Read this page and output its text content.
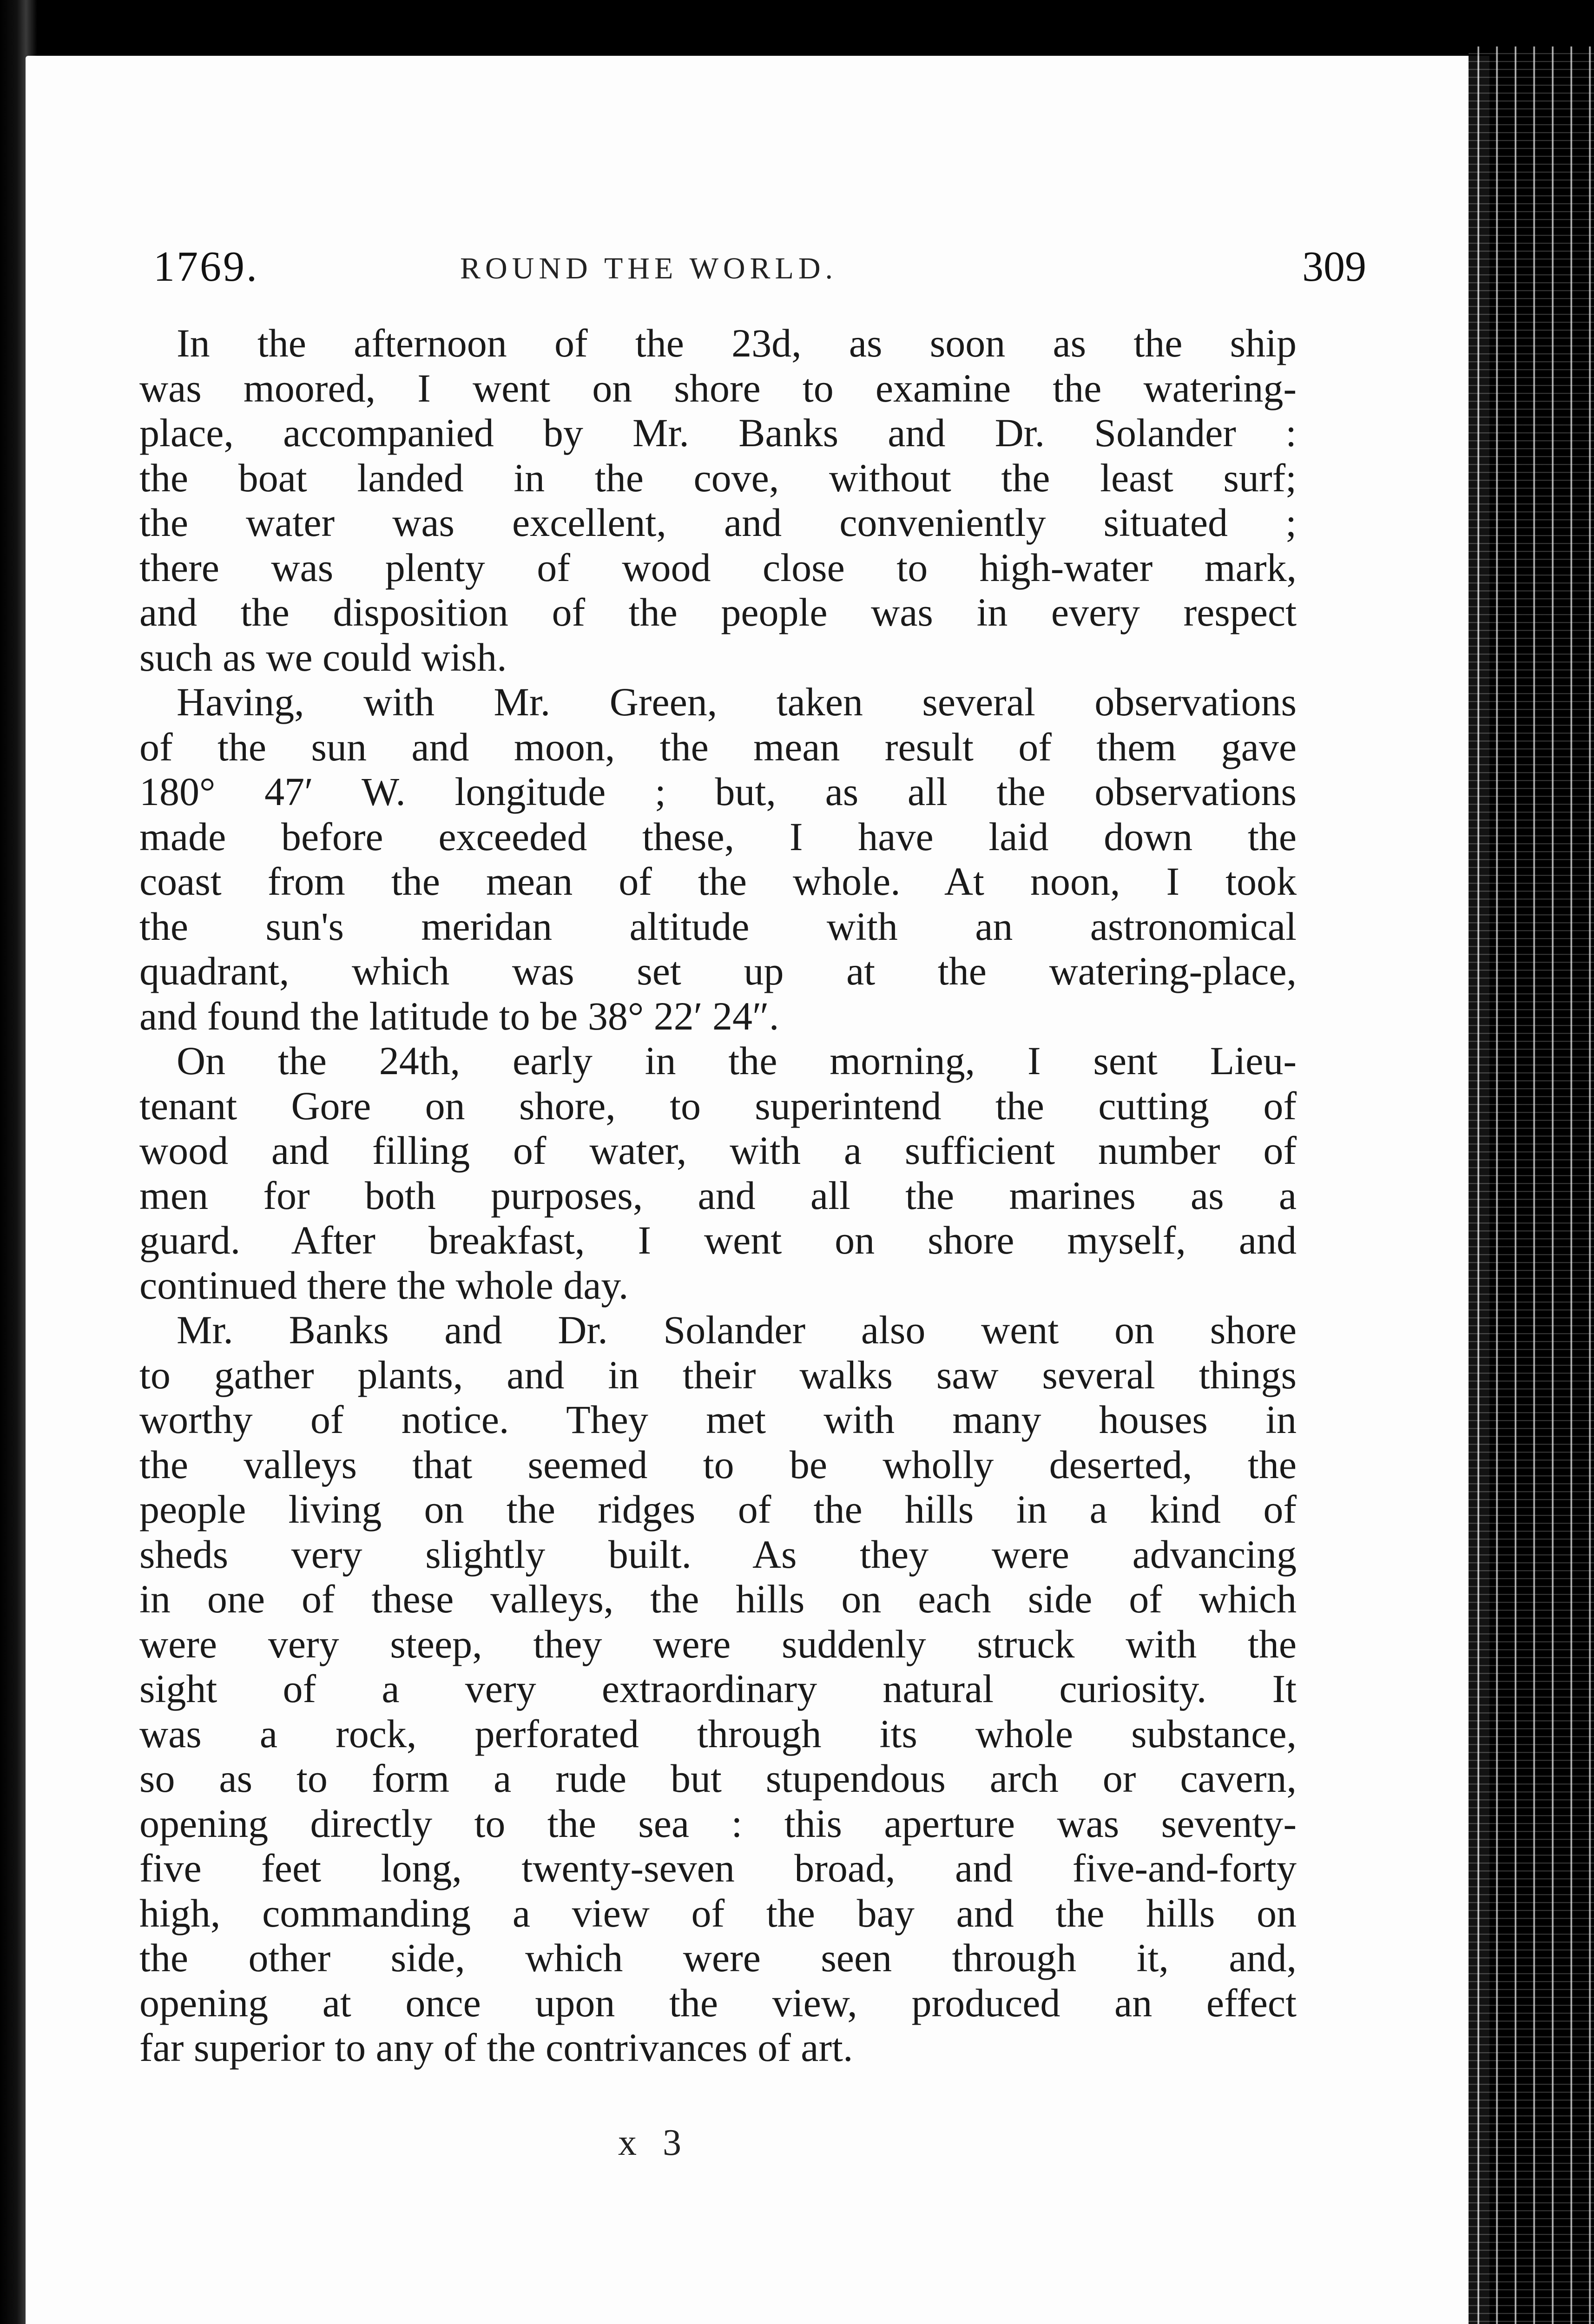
1769.	ROUND THE WORLD.	309
In the afternoon of the 23d, as soon as the ship
was moored, I went on shore to examine the watering-
place, accompanied by Mr. Banks and Dr. Solander :
the boat landed in the cove, without the least surf;
the water was excellent, and conveniently situated ;
there was plenty of wood close to high-water mark,
and the disposition of the people was in every respect
such as we could wish.
Having, with Mr. Green, taken several observations
of the sun and moon, the mean result of them gave
180° 47′ W. longitude ; but, as all the observations
made before exceeded these, I have laid down the
coast from the mean of the whole. At noon, I took
the sun's meridan altitude with an astronomical
quadrant, which was set up at the watering-place,
and found the latitude to be 38° 22′ 24″.
On the 24th, early in the morning, I sent Lieu-
tenant Gore on shore, to superintend the cutting of
wood and filling of water, with a sufficient number of
men for both purposes, and all the marines as a
guard. After breakfast, I went on shore myself, and
continued there the whole day.
Mr. Banks and Dr. Solander also went on shore
to gather plants, and in their walks saw several things
worthy of notice. They met with many houses in
the valleys that seemed to be wholly deserted, the
people living on the ridges of the hills in a kind of
sheds very slightly built. As they were advancing
in one of these valleys, the hills on each side of which
were very steep, they were suddenly struck with the
sight of a very extraordinary natural curiosity. It
was a rock, perforated through its whole substance,
so as to form a rude but stupendous arch or cavern,
opening directly to the sea : this aperture was seventy-
five feet long, twenty-seven broad, and five-and-forty
high, commanding a view of the bay and the hills on
the other side, which were seen through it, and,
opening at once upon the view, produced an effect
far superior to any of the contrivances of art.
x 3
